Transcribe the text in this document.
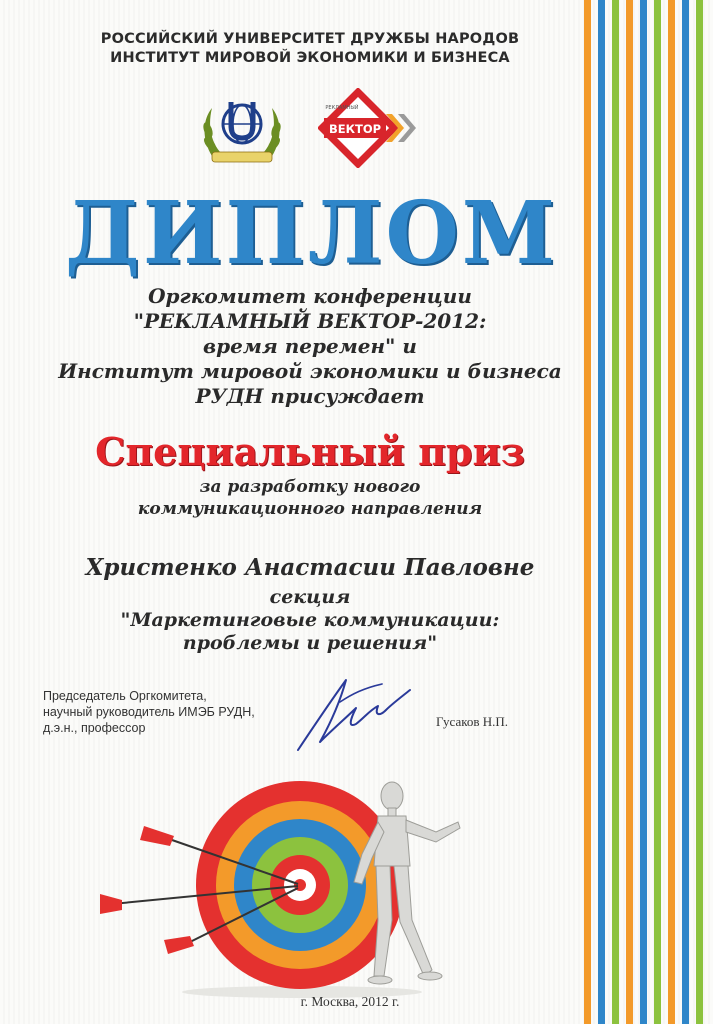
РОССИЙСКИЙ УНИВЕРСИТЕТ ДРУЖБЫ НАРОДОВ
ИНСТИТУТ МИРОВОЙ ЭКОНОМИКИ И БИЗНЕСА
ВЕКТОР
РЕКЛАМНЫЙ
ДИПЛОМ
Оргкомитет конференции
"РЕКЛАМНЫЙ ВЕКТОР-2012:
время перемен" и
Институт мировой экономики и бизнеса
РУДН присуждает
Специальный приз
за разработку нового
коммуникационного направления
Христенко Анастасии Павловне
секция
"Маркетинговые коммуникации:
проблемы и решения"
Председатель Оргкомитета,
научный руководитель ИМЭБ РУДН,
д.э.н., профессор	Гусаков Н.П.
г. Москва, 2012 г.
